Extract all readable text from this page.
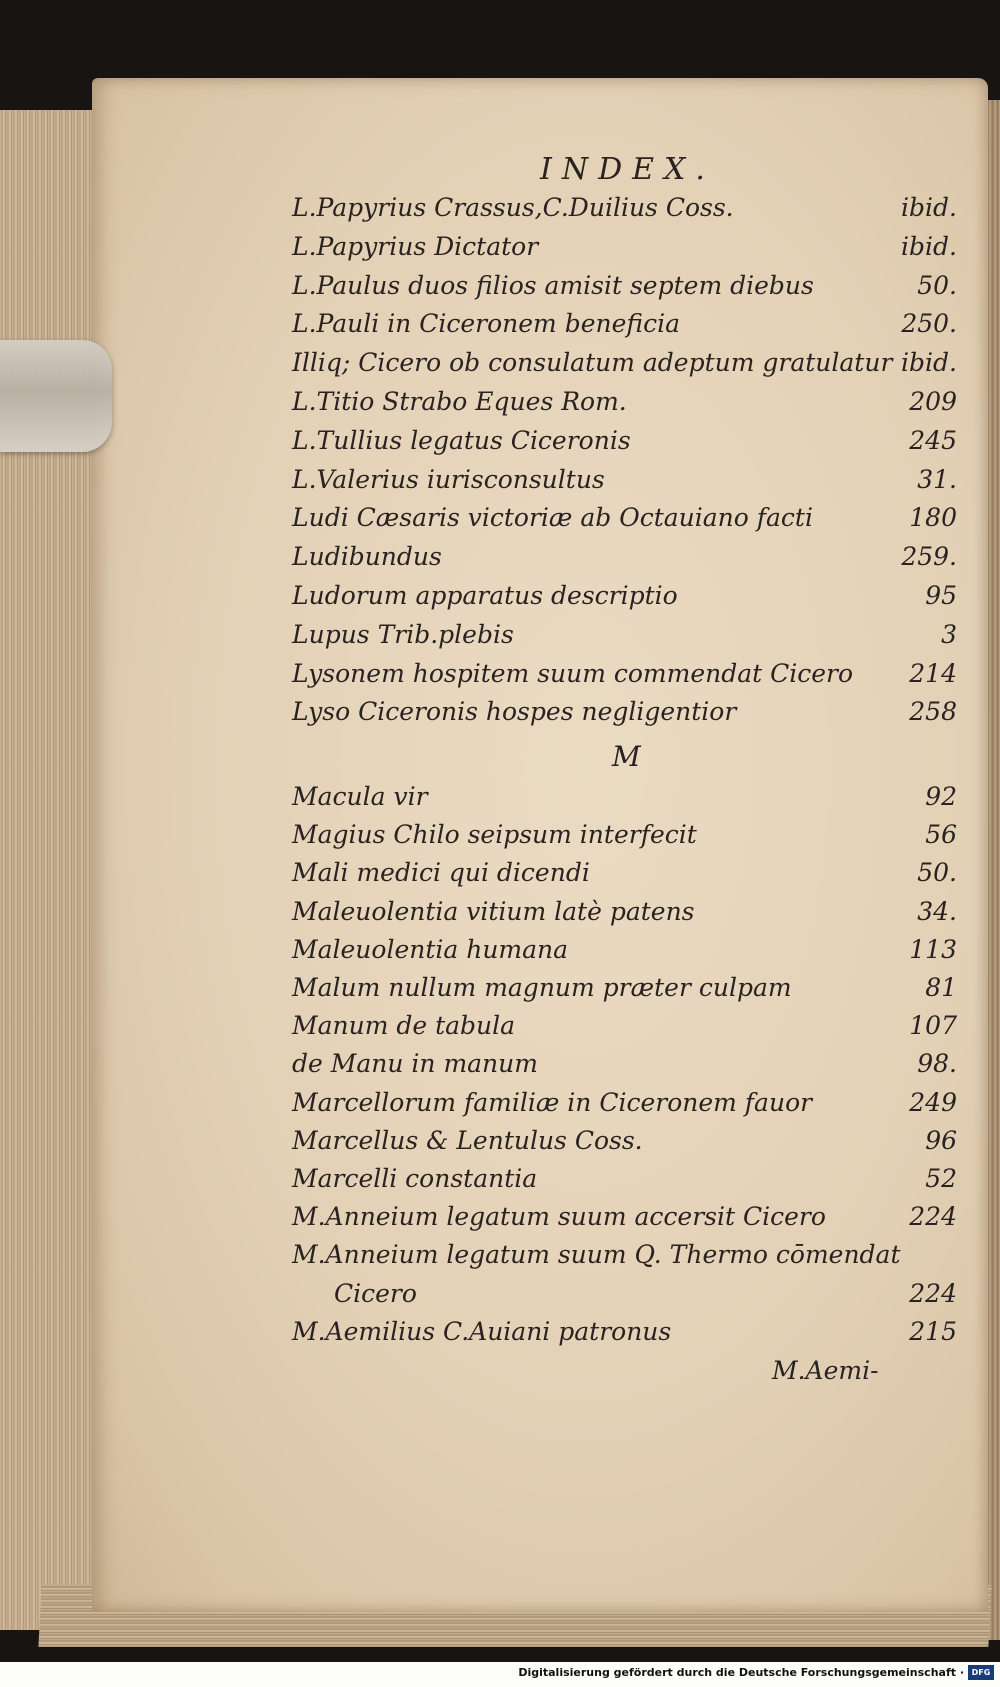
INDEX.
L.Papyrius Crassus,C.Duilius Coss.	ibid.
L.Papyrius Dictator	ibid.
L.Paulus duos filios amisit septem diebus	50.
L.Pauli in Ciceronem beneficia	250.
Illiq; Cicero ob consulatum adeptum gratulatur ibid.
L.Titio Strabo Eques Rom.	209
L.Tullius legatus Ciceronis	245
L.Valerius iurisconsultus	31.
Ludi Cæsaris victoriæ ab Octauiano facti	180
Ludibundus	259.
Ludorum apparatus descriptio	95
Lupus Trib.plebis	3
Lysonem hospitem suum commendat Cicero 214
Lyso Ciceronis hospes negligentior	258
M
Macula vir	92
Magius Chilo seipsum interfecit	56
Mali medici qui dicendi	50.
Maleuolentia vitium latè patens	34.
Maleuolentia humana	113
Malum nullum magnum præter culpam	81
Manum de tabula	107
de Manu in manum	98.
Marcellorum familiæ in Ciceronem fauor	249
Marcellus & Lentulus Coss.	96
Marcelli constantia	52
M.Anneium legatum suum accersit Cicero	224
M.Anneium legatum suum Q. Thermo cōmendat
Cicero	224
M.Aemilius C.Auiani patronus	215
M.Aemi-
Digitalisierung gefördert durch die Deutsche Forschungsgemeinschaft · DFG
